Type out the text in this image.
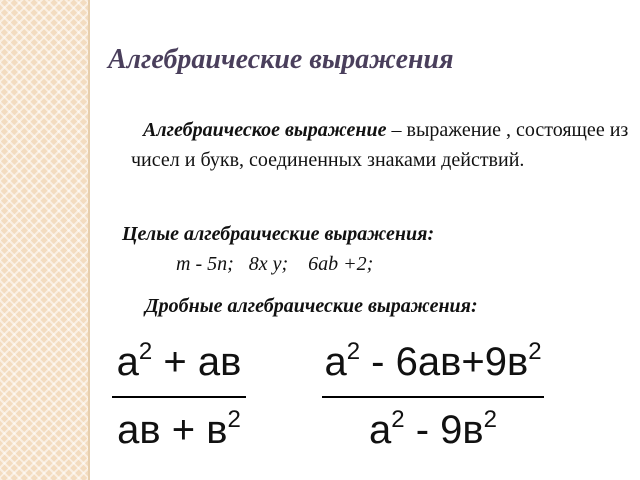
Алгебраические выражения
Алгебраическое выражение – выражение , состоящее из чисел и букв, соединенных знаками действий.
Целые алгебраические выражения:
m - 5n;   8x y;    6ab +2;
Дробные алгебраические выражения:
$а^2$ + ав
ав + $в^2$
$а^2 - 6ав+9в^2$
$а^2 - 9в^2$
